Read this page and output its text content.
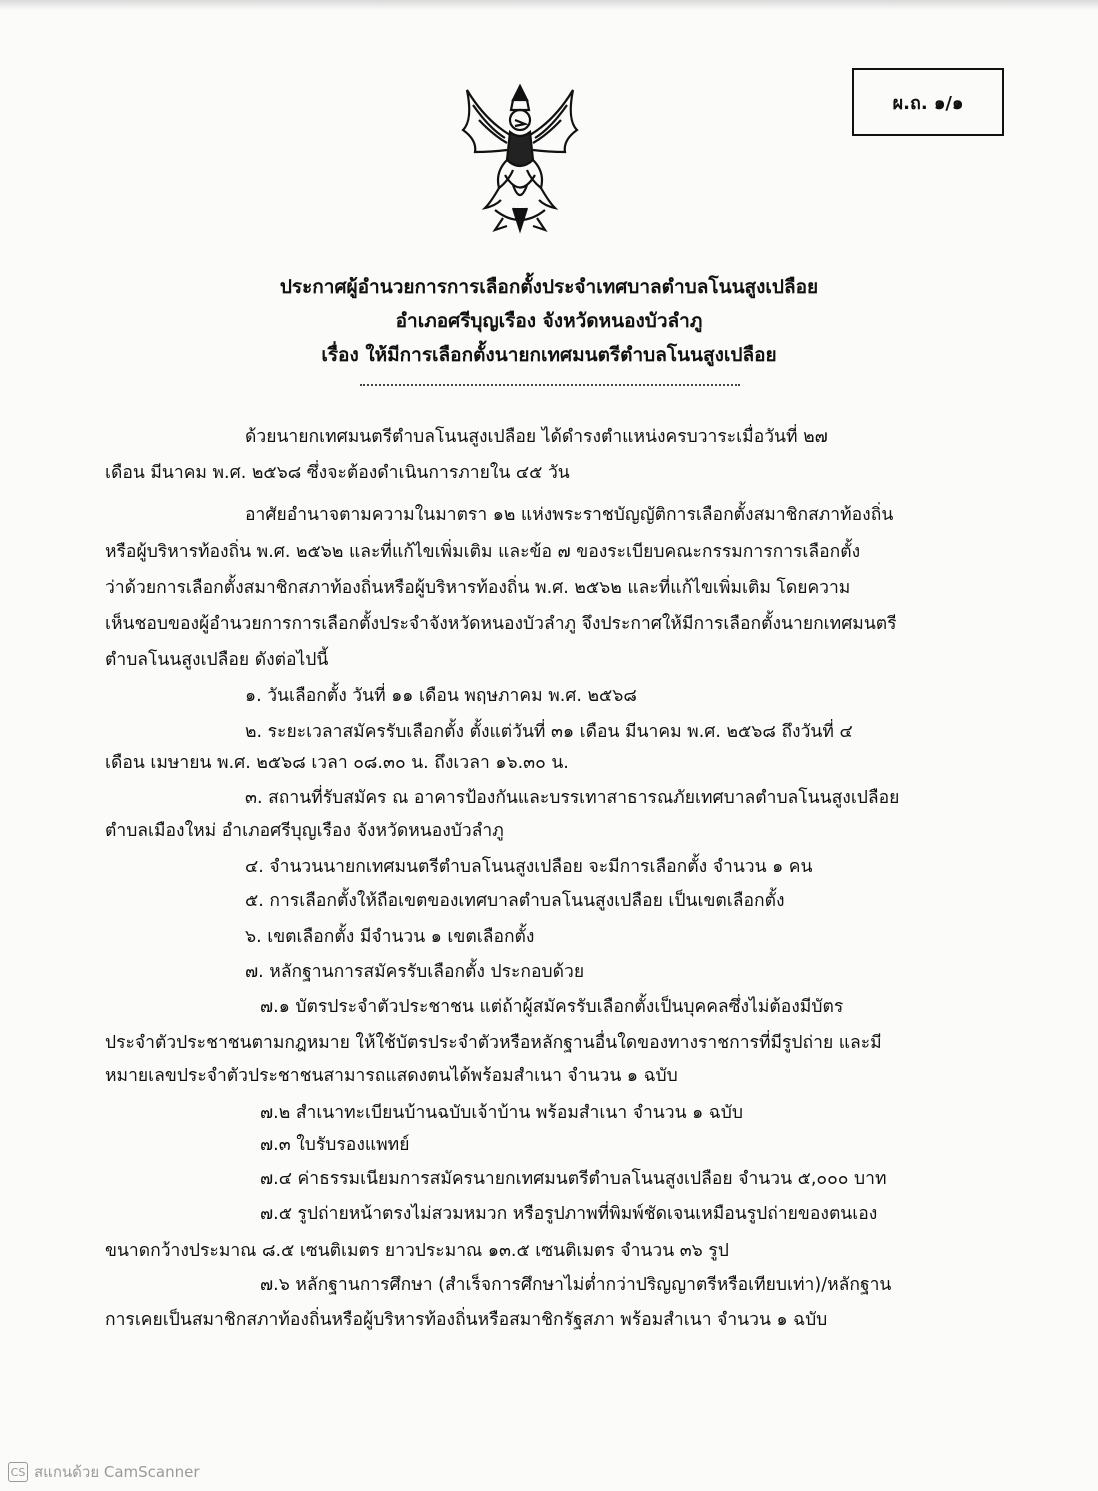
ผ.ถ. ๑/๑
ประกาศผู้อำนวยการการเลือกตั้งประจำเทศบาลตำบลโนนสูงเปลือย
อำเภอศรีบุญเรือง จังหวัดหนองบัวลำภู
เรื่อง ให้มีการเลือกตั้งนายกเทศมนตรีตำบลโนนสูงเปลือย
ด้วยนายกเทศมนตรีตำบลโนนสูงเปลือย ได้ดำรงตำแหน่งครบวาระเมื่อวันที่ ๒๗
เดือน มีนาคม พ.ศ. ๒๕๖๘ ซึ่งจะต้องดำเนินการภายใน ๔๕ วัน
อาศัยอำนาจตามความในมาตรา ๑๒ แห่งพระราชบัญญัติการเลือกตั้งสมาชิกสภาท้องถิ่น
หรือผู้บริหารท้องถิ่น พ.ศ. ๒๕๖๒ และที่แก้ไขเพิ่มเติม และข้อ ๗ ของระเบียบคณะกรรมการการเลือกตั้ง
ว่าด้วยการเลือกตั้งสมาชิกสภาท้องถิ่นหรือผู้บริหารท้องถิ่น พ.ศ. ๒๕๖๒ และที่แก้ไขเพิ่มเติม โดยความ
เห็นชอบของผู้อำนวยการการเลือกตั้งประจำจังหวัดหนองบัวลำภู จึงประกาศให้มีการเลือกตั้งนายกเทศมนตรี
ตำบลโนนสูงเปลือย ดังต่อไปนี้
๑. วันเลือกตั้ง วันที่ ๑๑ เดือน พฤษภาคม พ.ศ. ๒๕๖๘
๒. ระยะเวลาสมัครรับเลือกตั้ง ตั้งแต่วันที่ ๓๑ เดือน มีนาคม พ.ศ. ๒๕๖๘ ถึงวันที่ ๔
เดือน เมษายน พ.ศ. ๒๕๖๘ เวลา ๐๘.๓๐ น. ถึงเวลา ๑๖.๓๐ น.
๓. สถานที่รับสมัคร ณ อาคารป้องกันและบรรเทาสาธารณภัยเทศบาลตำบลโนนสูงเปลือย
ตำบลเมืองใหม่ อำเภอศรีบุญเรือง จังหวัดหนองบัวลำภู
๔. จำนวนนายกเทศมนตรีตำบลโนนสูงเปลือย จะมีการเลือกตั้ง จำนวน ๑ คน
๕. การเลือกตั้งให้ถือเขตของเทศบาลตำบลโนนสูงเปลือย เป็นเขตเลือกตั้ง
๖. เขตเลือกตั้ง มีจำนวน ๑ เขตเลือกตั้ง
๗. หลักฐานการสมัครรับเลือกตั้ง ประกอบด้วย
๗.๑ บัตรประจำตัวประชาชน แต่ถ้าผู้สมัครรับเลือกตั้งเป็นบุคคลซึ่งไม่ต้องมีบัตร
ประจำตัวประชาชนตามกฎหมาย ให้ใช้บัตรประจำตัวหรือหลักฐานอื่นใดของทางราชการที่มีรูปถ่าย และมี
หมายเลขประจำตัวประชาชนสามารถแสดงตนได้พร้อมสำเนา จำนวน ๑ ฉบับ
๗.๒ สำเนาทะเบียนบ้านฉบับเจ้าบ้าน พร้อมสำเนา จำนวน ๑ ฉบับ
๗.๓ ใบรับรองแพทย์
๗.๔ ค่าธรรมเนียมการสมัครนายกเทศมนตรีตำบลโนนสูงเปลือย จำนวน ๕,๐๐๐ บาท
๗.๕ รูปถ่ายหน้าตรงไม่สวมหมวก หรือรูปภาพที่พิมพ์ชัดเจนเหมือนรูปถ่ายของตนเอง
ขนาดกว้างประมาณ ๘.๕ เซนติเมตร ยาวประมาณ ๑๓.๕ เซนติเมตร จำนวน ๓๖ รูป
๗.๖ หลักฐานการศึกษา (สำเร็จการศึกษาไม่ต่ำกว่าปริญญาตรีหรือเทียบเท่า)/หลักฐาน
การเคยเป็นสมาชิกสภาท้องถิ่นหรือผู้บริหารท้องถิ่นหรือสมาชิกรัฐสภา พร้อมสำเนา จำนวน ๑ ฉบับ
CS สแกนด้วย CamScanner
